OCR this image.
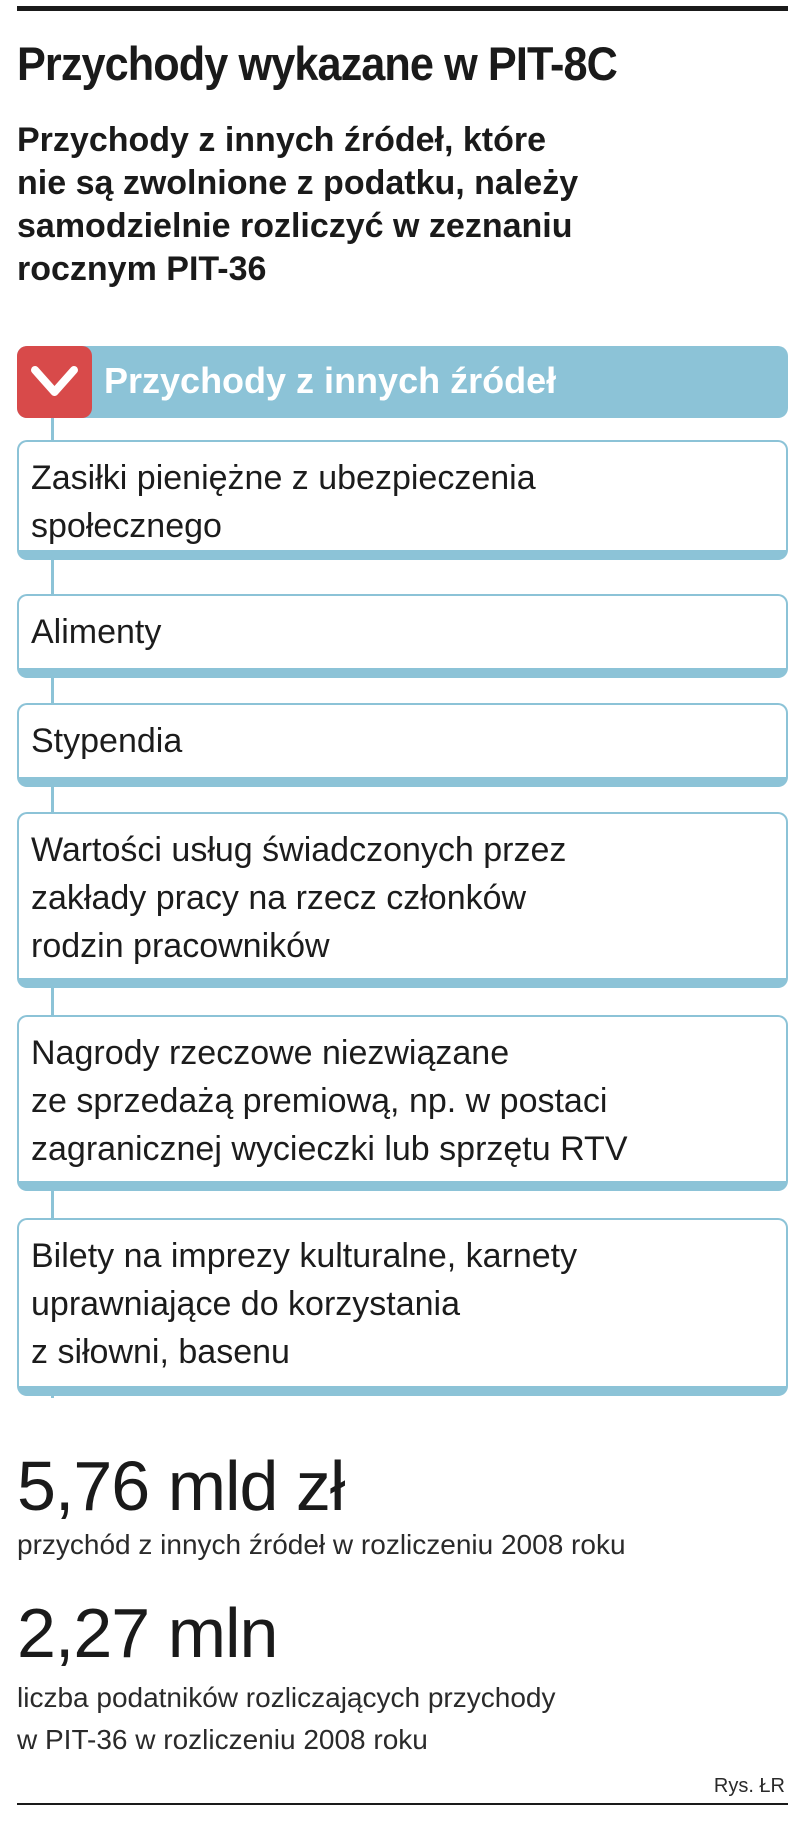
Przychody wykazane w PIT-8C
Przychody z innych źródeł, które
nie są zwolnione z podatku, należy
samodzielnie rozliczyć w zeznaniu
rocznym PIT-36
Przychody z innych źródeł
Zasiłki pieniężne z ubezpieczenia
społecznego
Alimenty
Stypendia
Wartości usług świadczonych przez
zakłady pracy na rzecz członków
rodzin pracowników
Nagrody rzeczowe niezwiązane
ze sprzedażą premiową, np. w postaci
zagranicznej wycieczki lub sprzętu RTV
Bilety na imprezy kulturalne, karnety
uprawniające do korzystania
z siłowni, basenu
5,76 mld zł
przychód z innych źródeł w rozliczeniu 2008 roku
2,27 mln
liczba podatników rozliczających przychody
w PIT-36 w rozliczeniu 2008 roku
Rys. ŁR
